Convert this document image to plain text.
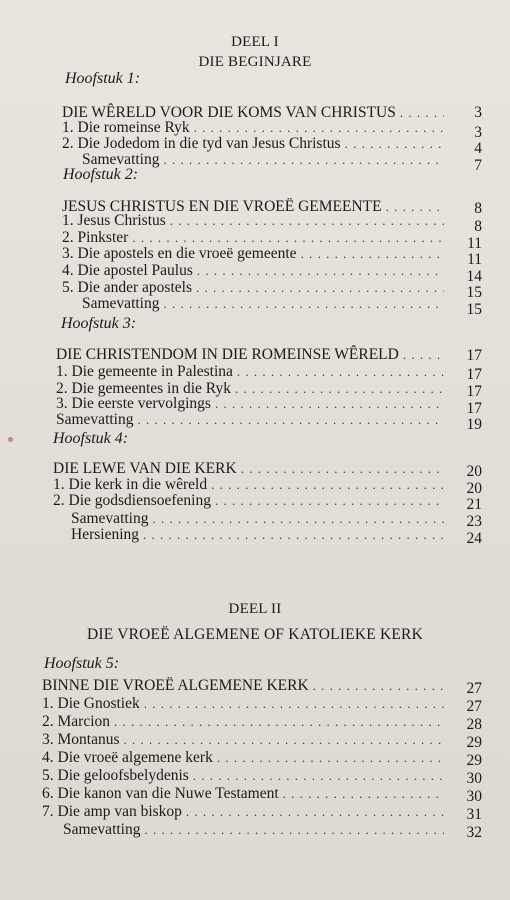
DEEL I
DIE BEGINJARE
Hoofstuk 1:
DIE WÊRELD VOOR DIE KOMS VAN CHRISTUS . . .	3
1. Die romeinse Ryk . . .	3
2. Die Jodedom in die tyd van Jesus Christus . . .	4
Samevatting . . .	7
Hoofstuk 2:
JESUS CHRISTUS EN DIE VROEË GEMEENTE . . .	8
1. Jesus Christus . . .	8
2. Pinkster . . .	11
3. Die apostels en die vroeë gemeente . . .	11
4. Die apostel Paulus . . .	14
5. Die ander apostels . . .	15
Samevatting . . .	15
Hoofstuk 3:
DIE CHRISTENDOM IN DIE ROMEINSE WÊRELD . . .	17
1. Die gemeente in Palestina . . .	17
2. Die gemeentes in die Ryk . . .	17
3. Die eerste vervolgings . . .	17
Samevatting . . .	19
Hoofstuk 4:
DIE LEWE VAN DIE KERK . . .	20
1. Die kerk in die wêreld . . .	20
2. Die godsdiensoefening . . .	21
Samevatting . . .	23
Hersiening . . .	24
DEEL II
DIE VROEË ALGEMENE OF KATOLIEKE KERK
Hoofstuk 5:
BINNE DIE VROEË ALGEMENE KERK . . .	27
1. Die Gnostiek . . .	27
2. Marcion . . .	28
3. Montanus . . .	29
4. Die vroeë algemene kerk . . .	29
5. Die geloofsbelydenis . . .	30
6. Die kanon van die Nuwe Testament . . .	30
7. Die amp van biskop . . .	31
Samevatting . . .	32
